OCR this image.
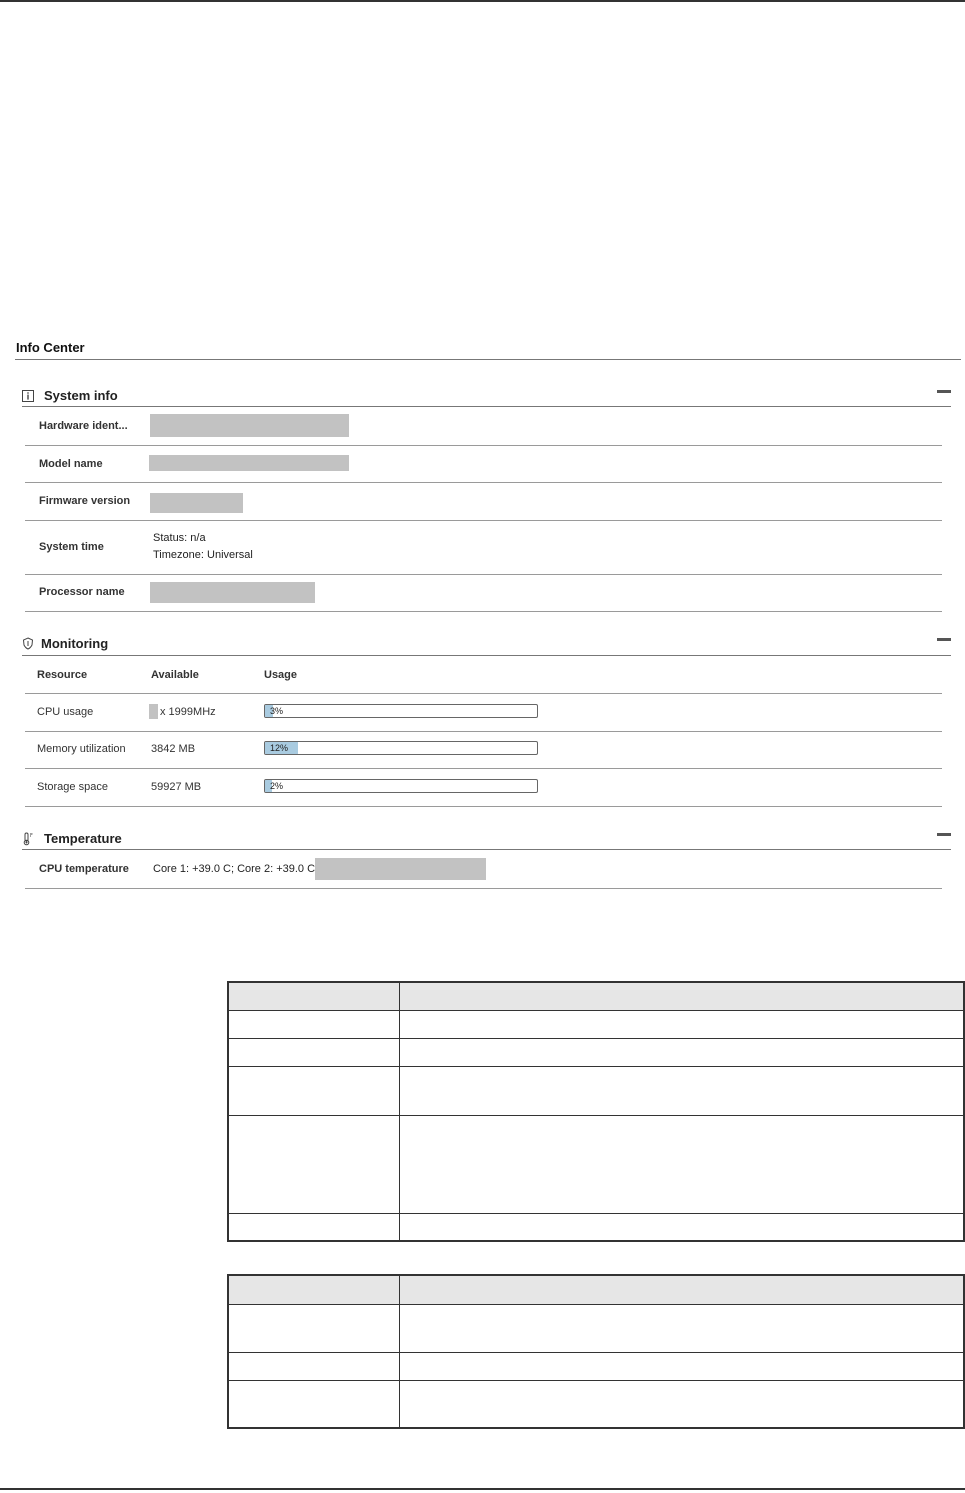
Info Center
System info
Hardware ident...
Model name
Firmware version
System time
Status: n/a
Timezone: Universal
Processor name
Monitoring
Resource	Available	Usage
CPU usage	x 1999MHz	3%
Memory utilization 3842 MB	12%
Storage space	59927 MB	2%
F Temperature
CPU temperature Core 1: +39.0 C; Core 2: +39.0 C
